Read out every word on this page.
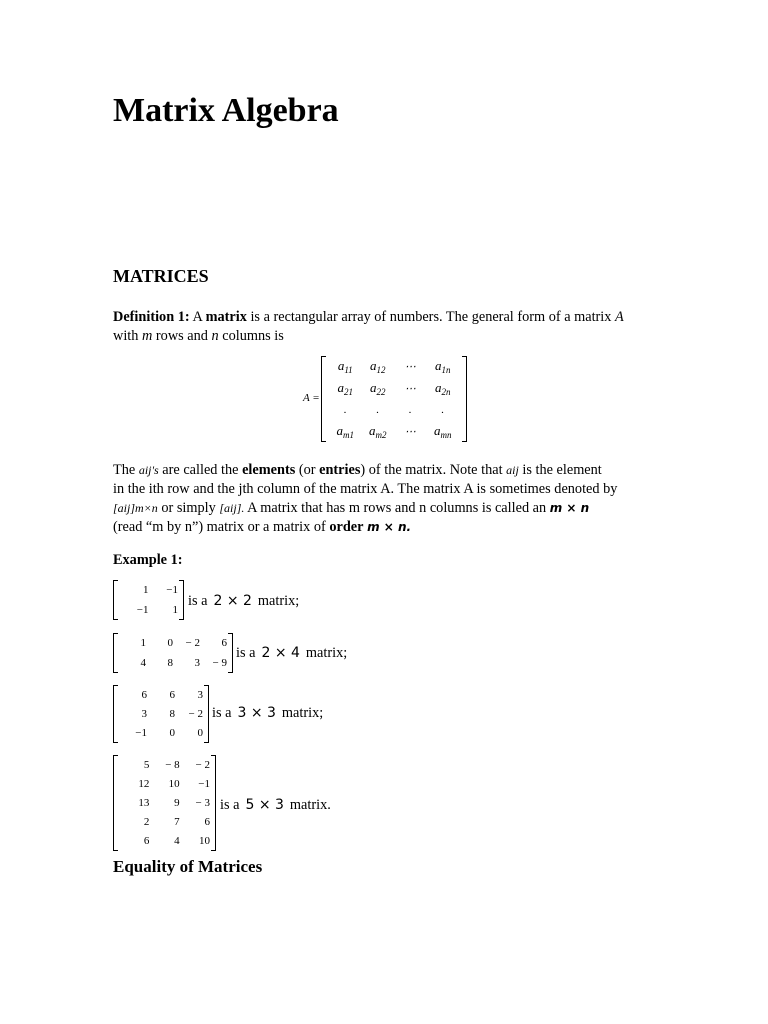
Matrix Algebra
MATRICES
Definition 1: A matrix is a rectangular array of numbers. The general form of a matrix A
with m rows and n columns is
A =
$a_{11}$	$a_{12}$	⋯	$a_{1n}$
$a_{21}$	$a_{22}$	⋯	$a_{2n}$
.	.	.	.
$a_{m1}$	$a_{m2}$	⋯	$a_{mn}$
The aij's are called the elements (or entries) of the matrix. Note that aij is the element
in the ith row and the jth column of the matrix A. The matrix A is sometimes denoted by
[aij]m×n or simply [aij]. A matrix that has m rows and n columns is called an m × n
(read “m by n”) matrix or a matrix of order m × n.
Example 1:
1	−1
−1	1
is a 2 × 2 matrix;
1	0	− 2	6
4	8	3	− 9
is a 2 × 4 matrix;
6	6	3
3	8	− 2
−1	0	0
is a 3 × 3 matrix;
5	− 8	− 2
12	10	−1
13	9	− 3
2	7	6
6	4	10
is a 5 × 3 matrix.
Equality of Matrices
